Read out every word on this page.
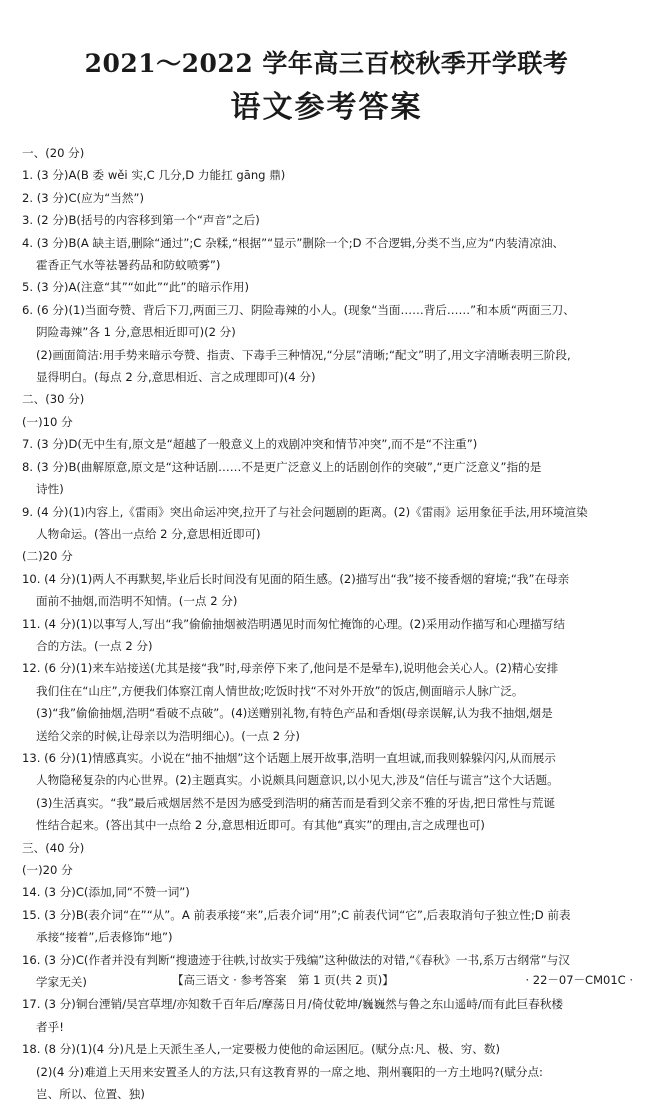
2021～2022 学年高三百校秋季开学联考
语文参考答案
一、(20 分)
1. (3 分)A(B 委 wěi 实,C 几分,D 力能扛 gāng 鼎)
2. (3 分)C(应为“当然”)
3. (2 分)B(括号的内容移到第一个“声音”之后)
4. (3 分)B(A 缺主语,删除“通过”;C 杂糅,“根据”“显示”删除一个;D 不合逻辑,分类不当,应为“内装清凉油、
霍香正气水等祛暑药品和防蚊喷雾”)
5. (3 分)A(注意“其”“如此”“此”的暗示作用)
6. (6 分)(1)当面夸赞、背后下刀,两面三刀、阴险毒辣的小人。(现象“当面……背后……”和本质“两面三刀、
阴险毒辣”各 1 分,意思相近即可)(2 分)
(2)画面简洁:用手势来暗示夸赞、指责、下毒手三种情况,“分层”清晰;“配文”明了,用文字清晰表明三阶段,
显得明白。(每点 2 分,意思相近、言之成理即可)(4 分)
二、(30 分)
(一)10 分
7. (3 分)D(无中生有,原文是“超越了一般意义上的戏剧冲突和情节冲突”,而不是“不注重”)
8. (3 分)B(曲解原意,原文是“这种话剧……不是更广泛意义上的话剧创作的突破”,“更广泛意义”指的是
诗性)
9. (4 分)(1)内容上,《雷雨》突出命运冲突,拉开了与社会问题剧的距离。(2)《雷雨》运用象征手法,用环境渲染
人物命运。(答出一点给 2 分,意思相近即可)
(二)20 分
10. (4 分)(1)两人不再默契,毕业后长时间没有见面的陌生感。(2)描写出“我”接不接香烟的窘境;“我”在母亲
面前不抽烟,而浩明不知情。(一点 2 分)
11. (4 分)(1)以事写人,写出“我”偷偷抽烟被浩明遇见时而匆忙掩饰的心理。(2)采用动作描写和心理描写结
合的方法。(一点 2 分)
12. (6 分)(1)来车站接送(尤其是接“我”时,母亲停下来了,他问是不是晕车),说明他会关心人。(2)精心安排
我们住在“山庄”,方便我们体察江南人情世故;吃饭时找“不对外开放”的饭店,侧面暗示人脉广泛。
(3)“我”偷偷抽烟,浩明“看破不点破”。(4)送赠别礼物,有特色产品和香烟(母亲误解,认为我不抽烟,烟是
送给父亲的时候,让母亲以为浩明细心)。(一点 2 分)
13. (6 分)(1)情感真实。小说在“抽不抽烟”这个话题上展开故事,浩明一直坦诚,而我则躲躲闪闪,从而展示
人物隐秘复杂的内心世界。(2)主题真实。小说颇具问题意识,以小见大,涉及“信任与谎言”这个大话题。
(3)生活真实。“我”最后戒烟居然不是因为感受到浩明的痛苦而是看到父亲不雅的牙齿,把日常性与荒诞
性结合起来。(答出其中一点给 2 分,意思相近即可。有其他“真实”的理由,言之成理也可)
三、(40 分)
(一)20 分
14. (3 分)C(添加,同“不赞一词”)
15. (3 分)B(表介词“在”“从”。A 前表承接“来”,后表介词“用”;C 前表代词“它”,后表取消句子独立性;D 前表
承接“接着”,后表修饰“地”)
16. (3 分)C(作者并没有判断“搜遗迹于往帙,讨故实于残编”这种做法的对错,“《春秋》一书,系万古纲常”与汉
学家无关)
17. (3 分)铜台湮销/吴宫草埋/亦知数千百年后/摩荡日月/倚仗乾坤/巍巍然与鲁之东山遥峙/而有此巨春秋楼
者乎!
18. (8 分)(1)(4 分)凡是上天派生圣人,一定要极力使他的命运困厄。(赋分点:凡、极、穷、数)
(2)(4 分)难道上天用来安置圣人的方法,只有这教育界的一席之地、荆州襄阳的一方土地吗?(赋分点:
岂、所以、位置、独)
【高三语文 · 参考答案　第 1 页(共 2 页)】	· 22－07－CM01C ·
